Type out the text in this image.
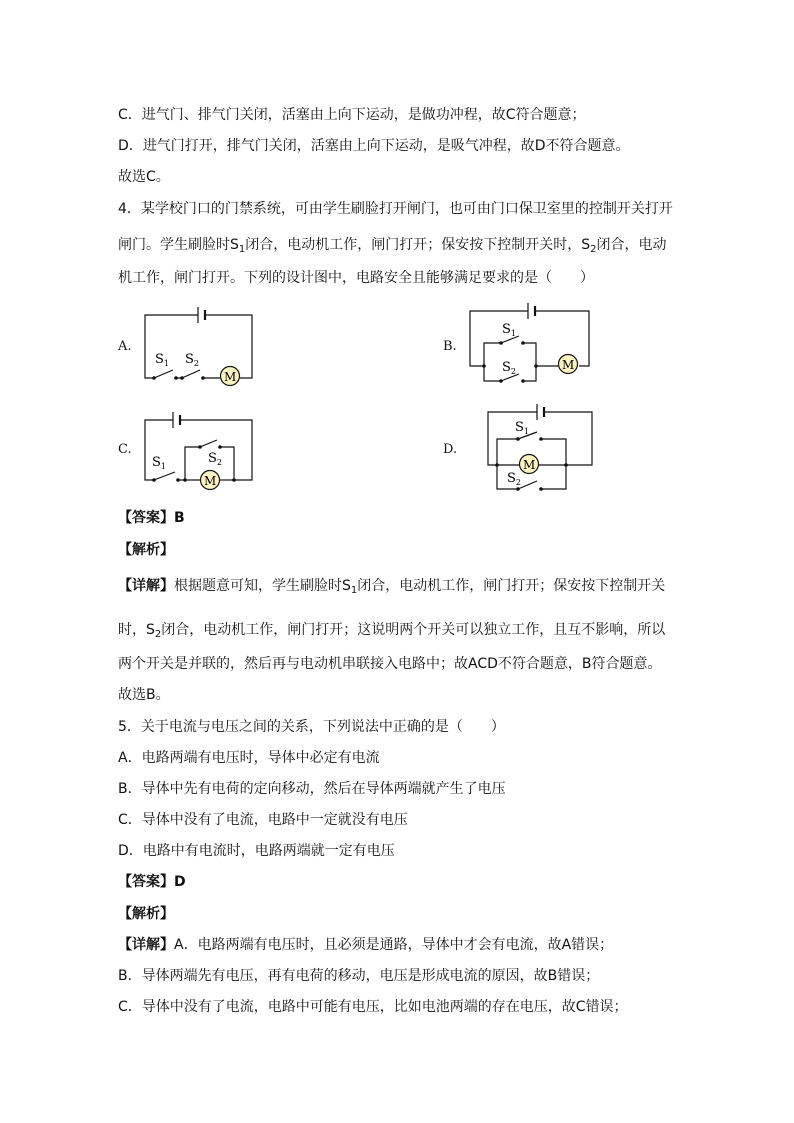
C．进气门、排气门关闭，活塞由上向下运动，是做功冲程，故C符合题意；
D．进气门打开，排气门关闭，活塞由上向下运动，是吸气冲程，故D不符合题意。
故选C。
4．某学校门口的门禁系统，可由学生刷脸打开闸门，也可由门口保卫室里的控制开关打开
闸门。学生刷脸时$S_1$闭合，电动机工作，闸门打开；保安按下控制开关时，$S_2$闭合，电动
机工作，闸门打开。下列的设计图中，电路安全且能够满足要求的是（　　）
A.	B.
C.	D.
$S_1$ $S_2$
M
$S_1$
$S_2$	M
$S_1$
$S_2$
M
$S_1$
$S_2$
M
【答案】B
【解析】
【详解】根据题意可知，学生刷脸时$S_1$闭合，电动机工作，闸门打开；保安按下控制开关
时，$S_2$闭合，电动机工作，闸门打开；这说明两个开关可以独立工作，且互不影响，所以
两个开关是并联的，然后再与电动机串联接入电路中；故ACD不符合题意，B符合题意。
故选B。
5．关于电流与电压之间的关系，下列说法中正确的是（　　）
A．电路两端有电压时，导体中必定有电流
B．导体中先有电荷的定向移动，然后在导体两端就产生了电压
C．导体中没有了电流，电路中一定就没有电压
D．电路中有电流时，电路两端就一定有电压
【答案】D
【解析】
【详解】A．电路两端有电压时，且必须是通路，导体中才会有电流，故A错误；
B．导体两端先有电压，再有电荷的移动，电压是形成电流的原因，故B错误；
C．导体中没有了电流，电路中可能有电压，比如电池两端的存在电压，故C错误；
